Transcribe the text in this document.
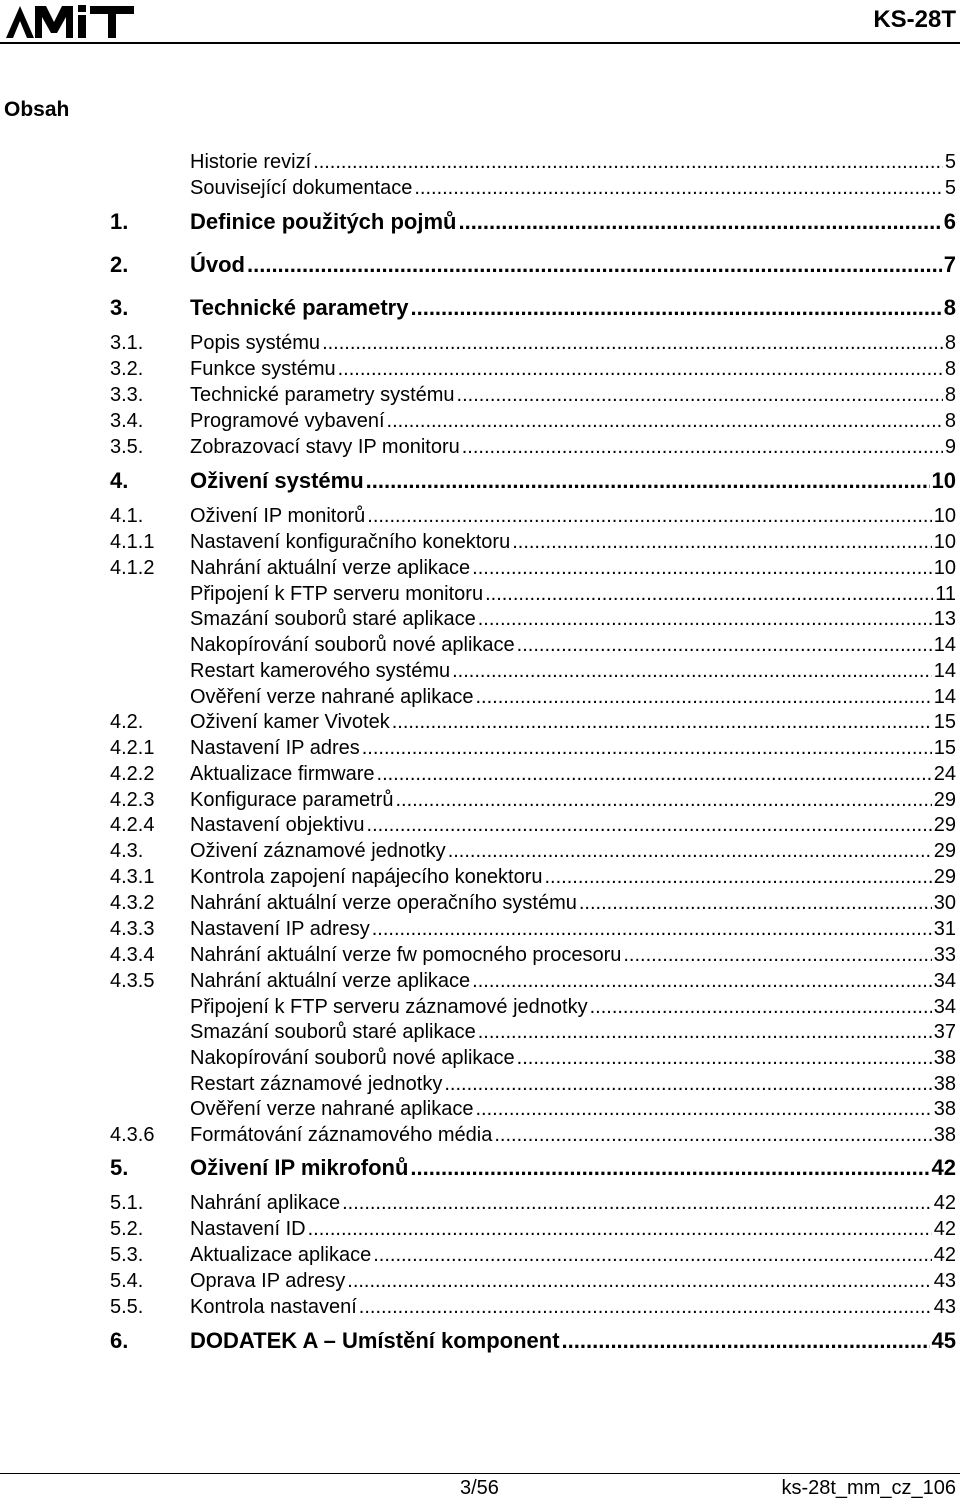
KS-28T
Obsah
Historie revizí .....	5
Související dokumentace .....	5
1.	Definice použitých pojmů .....	6
2.	Úvod .....	7
3.	Technické parametry .....	8
3.1.	Popis systému .....	8
3.2.	Funkce systému .....	8
3.3.	Technické parametry systému .....	8
3.4.	Programové vybavení .....	8
3.5.	Zobrazovací stavy IP monitoru .....	9
4.	Oživení systému .....	10
4.1.	Oživení IP monitorů .....	10
4.1.1	Nastavení konfiguračního konektoru .....	10
4.1.2	Nahrání aktuální verze aplikace .....	10
Připojení k FTP serveru monitoru .....	11
Smazání souborů staré aplikace .....	13
Nakopírování souborů nové aplikace .....	14
Restart kamerového systému .....	14
Ověření verze nahrané aplikace .....	14
4.2.	Oživení kamer Vivotek .....	15
4.2.1	Nastavení IP adres .....	15
4.2.2	Aktualizace firmware .....	24
4.2.3	Konfigurace parametrů .....	29
4.2.4	Nastavení objektivu .....	29
4.3.	Oživení záznamové jednotky .....	29
4.3.1	Kontrola zapojení napájecího konektoru .....	29
4.3.2	Nahrání aktuální verze operačního systému .....	30
4.3.3	Nastavení IP adresy .....	31
4.3.4	Nahrání aktuální verze fw pomocného procesoru .....	33
4.3.5	Nahrání aktuální verze aplikace .....	34
Připojení k FTP serveru záznamové jednotky .....	34
Smazání souborů staré aplikace .....	37
Nakopírování souborů nové aplikace .....	38
Restart záznamové jednotky .....	38
Ověření verze nahrané aplikace .....	38
4.3.6	Formátování záznamového média .....	38
5.	Oživení IP mikrofonů .....	42
5.1.	Nahrání aplikace .....	42
5.2.	Nastavení ID .....	42
5.3.	Aktualizace aplikace .....	42
5.4.	Oprava IP adresy .....	43
5.5.	Kontrola nastavení .....	43
6.	DODATEK A – Umístění komponent .....	45
3/56	ks-28t_mm_cz_106
